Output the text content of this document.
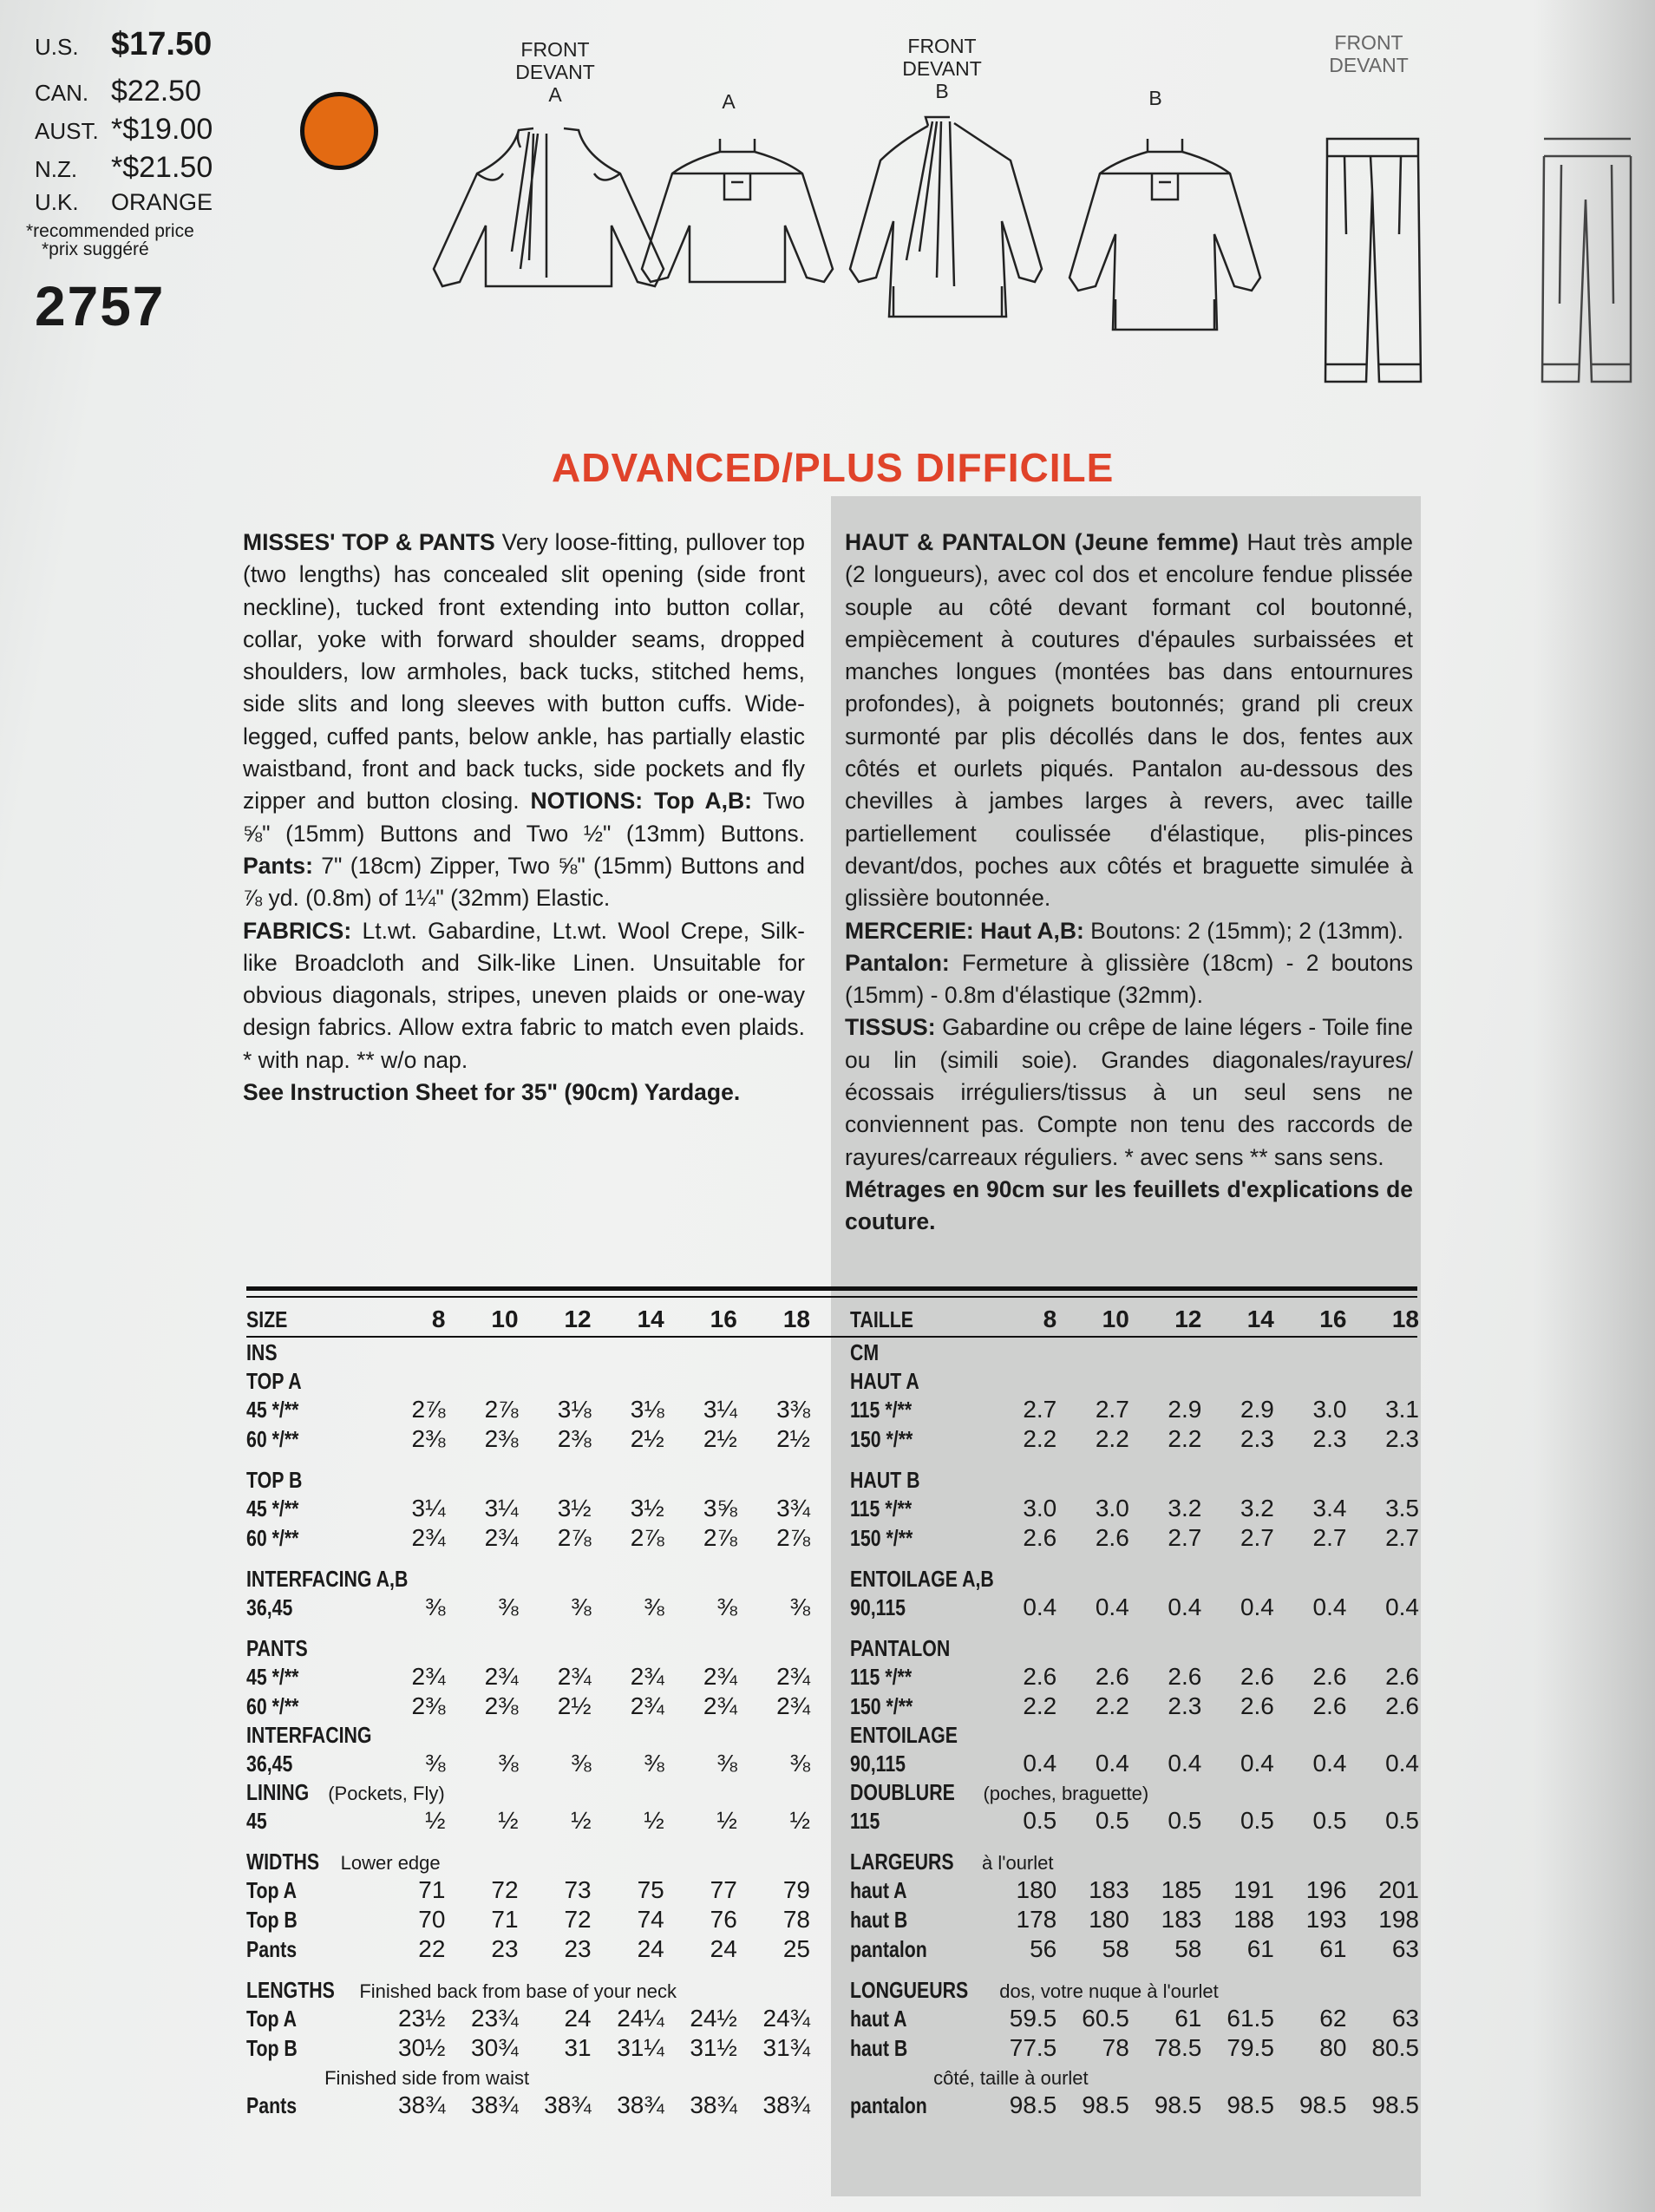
U.S. $17.50
CAN. $22.50
AUST. *$19.00
N.Z.	*$21.50
U.K.	ORANGE
*recommended price
*prix suggéré
2757
FRONT
DEVANT
A	A
FRONT
DEVANT
B	B
FRONT
DEVANT
ADVANCED/PLUS DIFFICILE

MISSES' TOP & PANTS Very loose-fitting, pullover top (two lengths) has concealed slit opening (side front neckline), tucked front extending into button collar, collar, yoke with forward shoulder seams, dropped shoulders, low armholes, back tucks, stitched hems, side slits and long sleeves with button cuffs. Wide-legged, cuffed pants, below ankle, has partially elastic waistband, front and back tucks, side pockets and fly zipper and button closing. NOTIONS: Top A,B: Two ⅝" (15mm) Buttons and Two ½" (13mm) Buttons. Pants: 7" (18cm) Zipper, Two ⅝" (15mm) Buttons and ⅞ yd. (0.8m) of 1¼" (32mm) Elastic.

FABRICS: Lt.wt. Gabardine, Lt.wt. Wool Crepe, Silk-like Broadcloth and Silk-like Linen. Unsuitable for obvious diagonals, stripes, uneven plaids or one-way design fabrics. Allow extra fabric to match even plaids. * with nap. ** w/o nap.

See Instruction Sheet for 35" (90cm) Yardage.

HAUT & PANTALON (Jeune femme) Haut très ample (2 longueurs), avec col dos et encolure fendue plissée souple au côté devant formant col boutonné, empiècement à coutures d'épaules surbaissées et manches longues (montées bas dans entournures profondes), à poignets boutonnés; grand pli creux surmonté par plis décollés dans le dos, fentes aux côtés et ourlets piqués. Pantalon au-dessous des chevilles à jambes larges à revers, avec taille partiellement coulissée d'élastique, plis-pinces devant/dos, poches aux côtés et braguette simulée à glissière boutonnée.

MERCERIE: Haut A,B: Boutons: 2 (15mm); 2 (13mm).

Pantalon: Fermeture à glissière (18cm) - 2 boutons (15mm) - 0.8m d'élastique (32mm).

TISSUS: Gabardine ou crêpe de laine légers - Toile fine ou lin (simili soie). Grandes diagonales/rayures/écossais irréguliers/tissus à un seul sens ne conviennent pas. Compte non tenu des raccords de rayures/carreaux réguliers. * avec sens ** sans sens.

Métrages en 90cm sur les feuillets d'explications de couture.

SIZE	8	10	12	14	16	18
INS						
TOP A						
45 */**	2⅞	2⅞	3⅛	3⅛	3¼	3⅜
60 */**	2⅜	2⅜	2⅜	2½	2½	2½
TOP B						
45 */**	3¼	3¼	3½	3½	3⅝	3¾
60 */**	2¾	2¾	2⅞	2⅞	2⅞	2⅞
INTERFACING A,B						
36,45	⅜	⅜	⅜	⅜	⅜	⅜
PANTS						
45 */**	2¾	2¾	2¾	2¾	2¾	2¾
60 */**	2⅜	2⅜	2½	2¾	2¾	2¾
INTERFACING						
36,45	⅜	⅜	⅜	⅜	⅜	⅜
LINING (Pockets, Fly)						
45	½	½	½	½	½	½
WIDTHS Lower edge						
Top A	71	72	73	75	77	79
Top B	70	71	72	74	76	78
Pants	22	23	23	24	24	25
LENGTHS Finished back from base of your neck						
Top A	23½	23¾	24	24¼	24½	24¾
Top B	30½	30¾	31	31¼	31½	31¾
Finished side from waist						
Pants	38¾	38¾	38¾	38¾	38¾	38¾
TAILLE	8	10	12	14	16	18
CM						
HAUT A						
115 */**	2.7	2.7	2.9	2.9	3.0	3.1
150 */**	2.2	2.2	2.2	2.3	2.3	2.3
HAUT B						
115 */**	3.0	3.0	3.2	3.2	3.4	3.5
150 */**	2.6	2.6	2.7	2.7	2.7	2.7
ENTOILAGE A,B						
90,115	0.4	0.4	0.4	0.4	0.4	0.4
PANTALON						
115 */**	2.6	2.6	2.6	2.6	2.6	2.6
150 */**	2.2	2.2	2.3	2.6	2.6	2.6
ENTOILAGE						
90,115	0.4	0.4	0.4	0.4	0.4	0.4
DOUBLURE (poches, braguette)						
115	0.5	0.5	0.5	0.5	0.5	0.5
LARGEURS à l'ourlet						
haut A	180	183	185	191	196	201
haut B	178	180	183	188	193	198
pantalon	56	58	58	61	61	63
LONGUEURS dos, votre nuque à l'ourlet						
haut A	59.5	60.5	61	61.5	62	63
haut B	77.5	78	78.5	79.5	80	80.5
côté, taille à ourlet						
pantalon	98.5	98.5	98.5	98.5	98.5	98.5
